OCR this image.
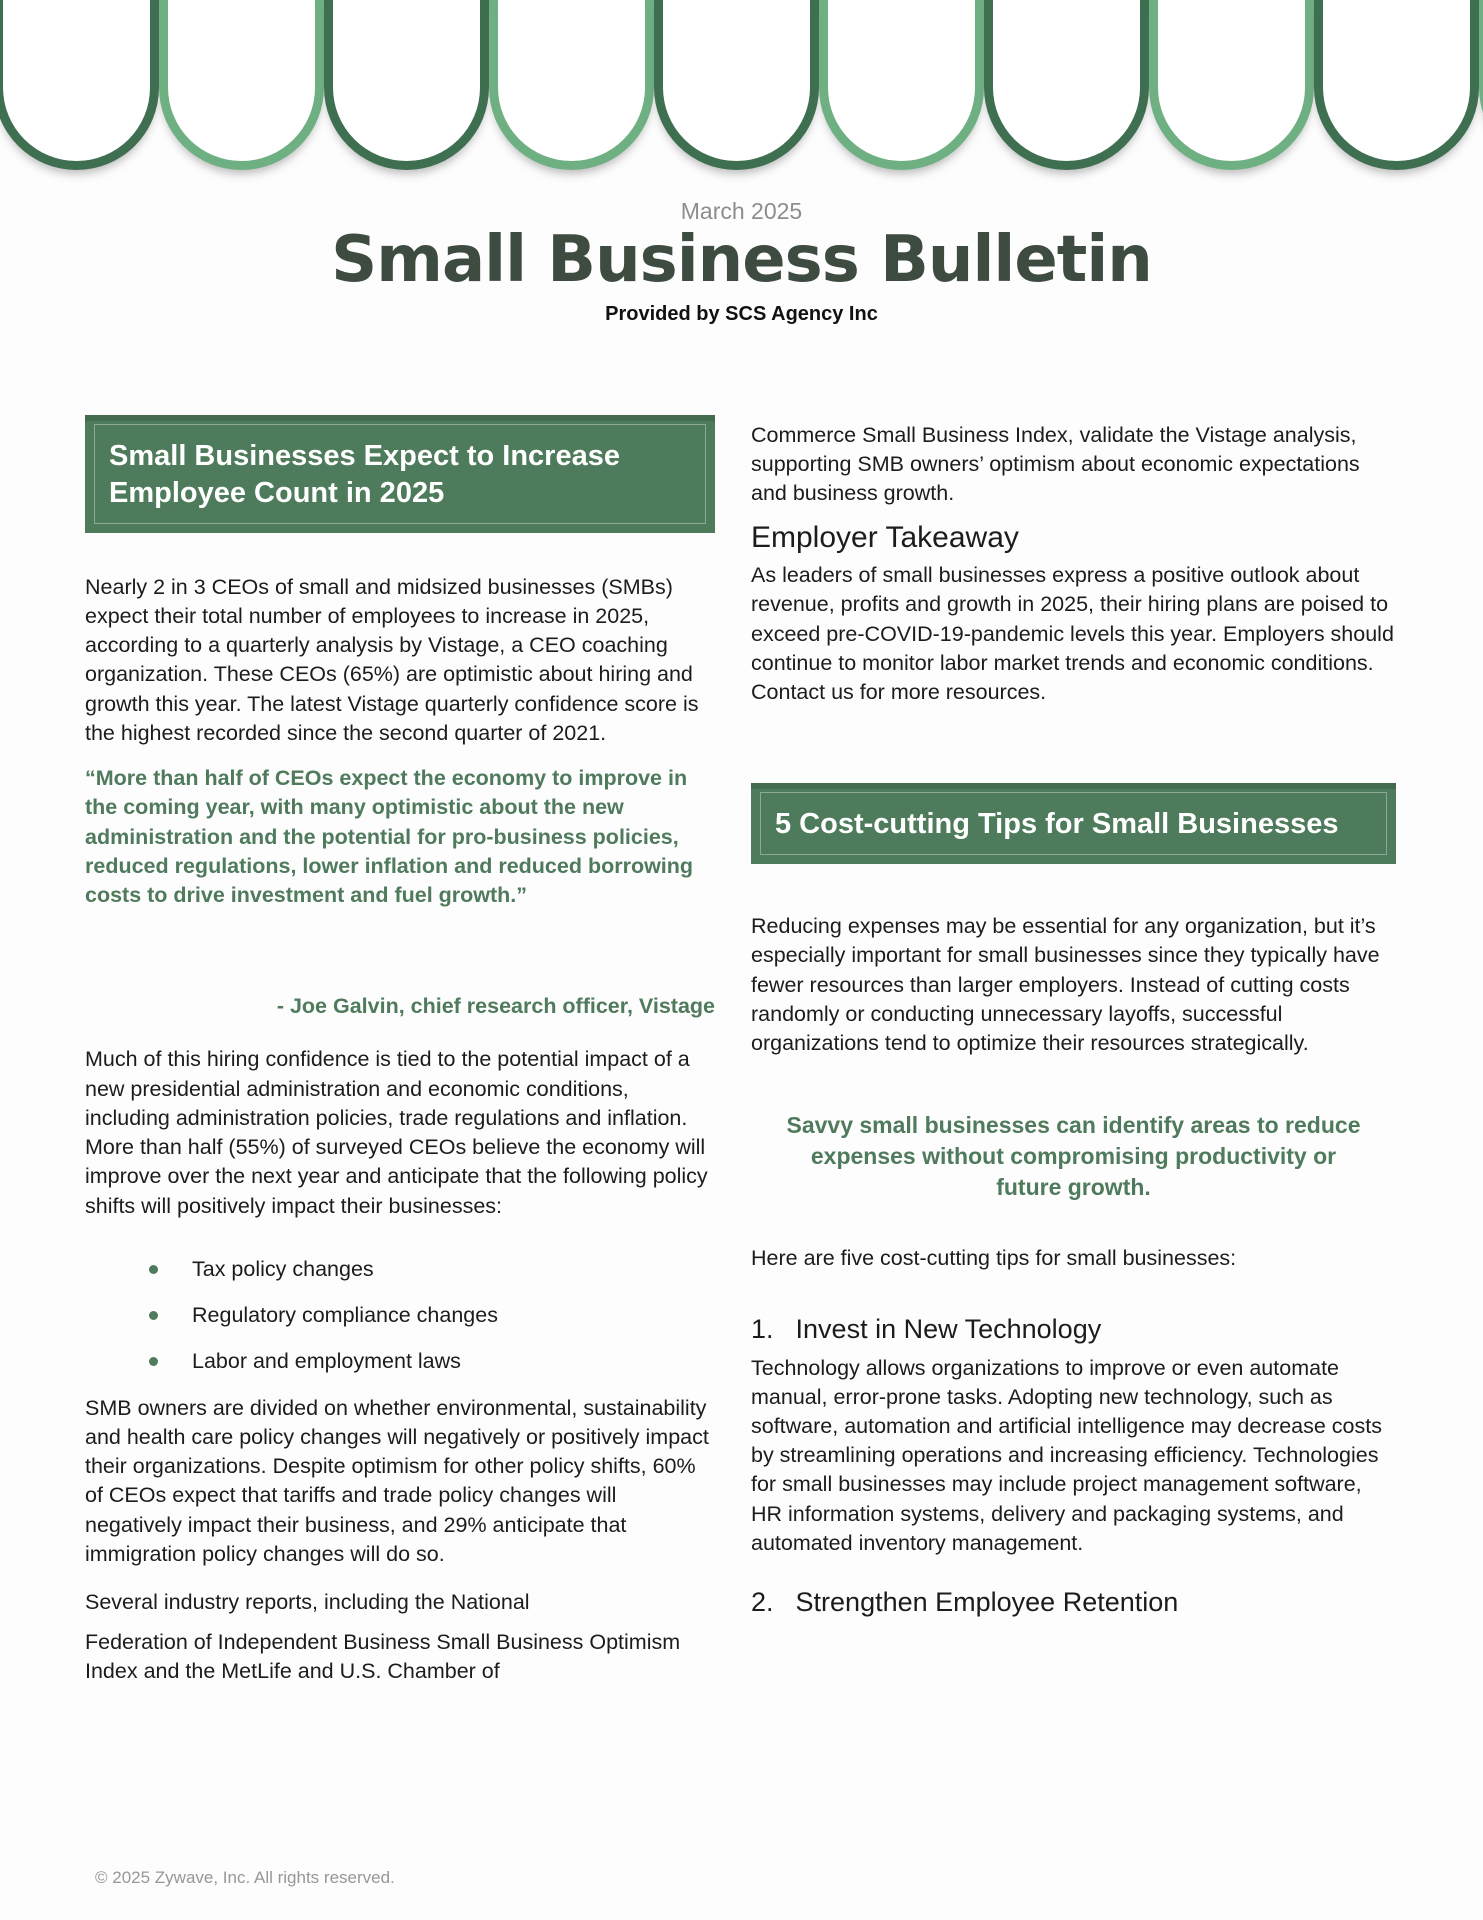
March 2025
Small Business Bulletin
Provided by SCS Agency Inc
Small Businesses Expect to Increase Employee Count in 2025

Nearly 2 in 3 CEOs of small and midsized businesses (SMBs) expect their total number of employees to increase in 2025, according to a quarterly analysis by Vistage, a CEO coaching organization. These CEOs (65%) are optimistic about hiring and growth this year. The latest Vistage quarterly confidence score is the highest recorded since the second quarter of 2021.

“More than half of CEOs expect the economy to improve in the coming year, with many optimistic about the new administration and the potential for pro-business policies, reduced regulations, lower inflation and reduced borrowing costs to drive investment and fuel growth.”

- Joe Galvin, chief research officer, Vistage

Much of this hiring confidence is tied to the potential impact of a new presidential administration and economic conditions, including administration policies, trade regulations and inflation. More than half (55%) of surveyed CEOs believe the economy will improve over the next year and anticipate that the following policy shifts will positively impact their businesses:

Tax policy changes
Regulatory compliance changes
Labor and employment laws

SMB owners are divided on whether environmental, sustainability and health care policy changes will negatively or positively impact their organizations. Despite optimism for other policy shifts, 60% of CEOs expect that tariffs and trade policy changes will negatively impact their business, and 29% anticipate that immigration policy changes will do so.

Several industry reports, including the National

Federation of Independent Business Small Business Optimism Index and the MetLife and U.S. Chamber of

Commerce Small Business Index, validate the Vistage analysis, supporting SMB owners’ optimism about economic expectations and business growth.

Employer Takeaway

As leaders of small businesses express a positive outlook about revenue, profits and growth in 2025, their hiring plans are poised to exceed pre-COVID-19-pandemic levels this year. Employers should continue to monitor labor market trends and economic conditions. Contact us for more resources.

5 Cost-cutting Tips for Small Businesses

Reducing expenses may be essential for any organization, but it’s especially important for small businesses since they typically have fewer resources than larger employers. Instead of cutting costs randomly or conducting unnecessary layoffs, successful organizations tend to optimize their resources strategically.

Savvy small businesses can identify areas to reduce expenses without compromising productivity or future growth.

Here are five cost-cutting tips for small businesses:

1. Invest in New Technology

Technology allows organizations to improve or even automate manual, error-prone tasks. Adopting new technology, such as software, automation and artificial intelligence may decrease costs by streamlining operations and increasing efficiency. Technologies for small businesses may include project management software, HR information systems, delivery and packaging systems, and automated inventory management.

2. Strengthen Employee Retention
© 2025 Zywave, Inc. All rights reserved.
